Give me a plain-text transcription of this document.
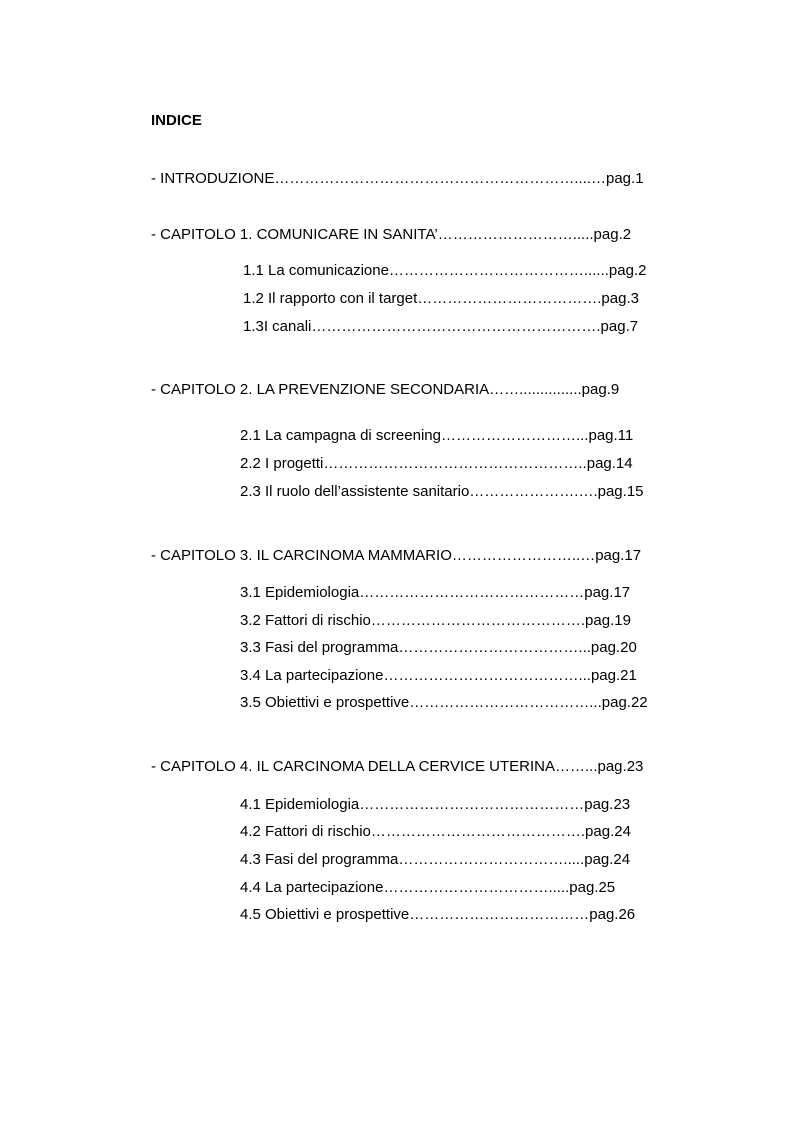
INDICE
- INTRODUZIONE……………………………………………………....…pag.1
- CAPITOLO 1. COMUNICARE IN SANITA’……………………….....pag.2
1.1 La comunicazione…………………………………......pag.2
1.2 Il rapporto con il target……………………………….pag.3
1.3I canali………………………………………………….pag.7
- CAPITOLO 2. LA PREVENZIONE SECONDARIA……...............pag.9
2.1 La campagna di screening………………………...pag.11
2.2 I progetti……………………………………………..pag.14
2.3 Il ruolo dell’assistente sanitario………………….….pag.15
- CAPITOLO 3. IL CARCINOMA MAMMARIO……………………..…pag.17
3.1 Epidemiologia………………………………………pag.17
3.2 Fattori di rischio…………………………………….pag.19
3.3 Fasi del programma………………………………...pag.20
3.4 La partecipazione…………………………………...pag.21
3.5 Obiettivi e prospettive………………………………...pag.22
- CAPITOLO 4. IL CARCINOMA DELLA CERVICE UTERINA……...pag.23
4.1 Epidemiologia………………………………………pag.23
4.2 Fattori di rischio…………………………………….pag.24
4.3 Fasi del programma…………………………….....pag.24
4.4 La partecipazione…………………………….....pag.25
4.5 Obiettivi e prospettive………………………………pag.26
